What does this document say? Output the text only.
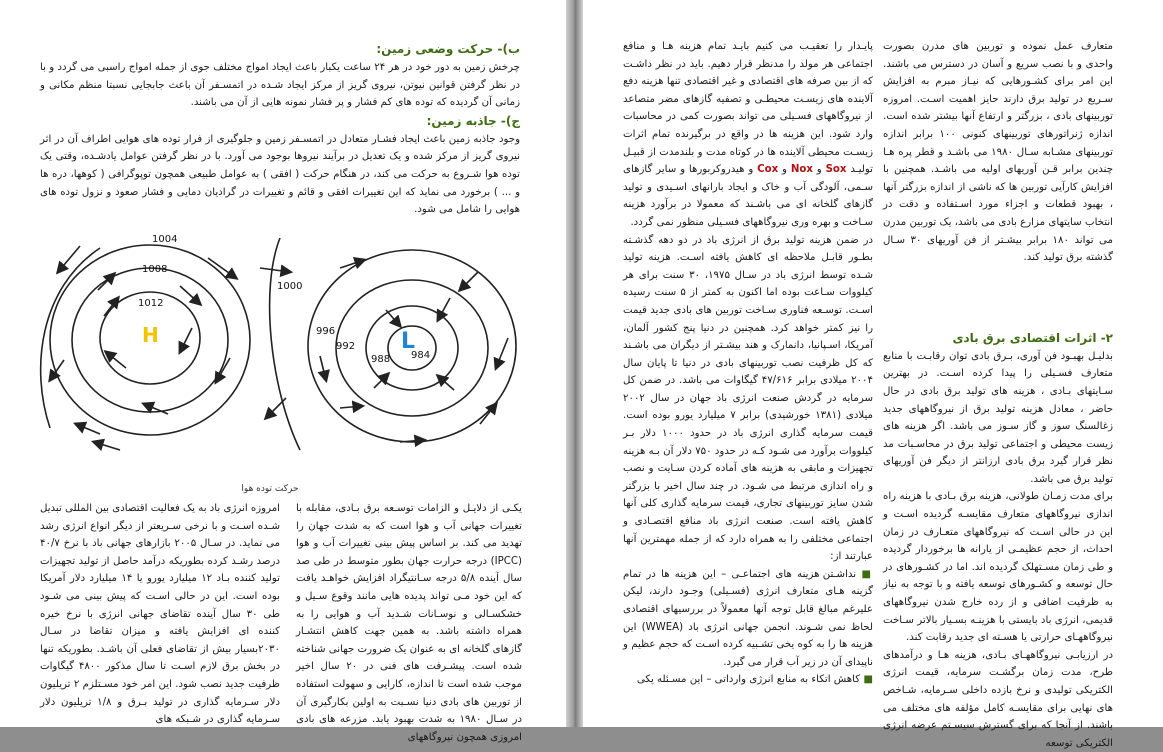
ب)- حرکت وضعی زمین:

چرخش زمین به دور خود در هر ۲۴ ساعت یکبار باعث ایجاد امواج مختلف جوی از جمله امواج راسبی می گردد و با در نظر گرفتن قوانین نیوتن، نیروی گریز از مرکز ایجاد شـده در اتمسـفر آن باعث جابجایی نسبتا منظم مکانی و زمانی آن گردیده که توده های کم فشار و پر فشار نمونه هایی از آن می باشند.

ج)- جاذبه زمین:

وجود جاذبه زمین باعث ایجاد فشـار متعادل در اتمسـفر زمین و جلوگیری از فرار توده های هوایی اطراف آن در اثر نیروی گریز از مرکز شده و یک تعدیل در برآیند نیروها بوجود می آورد. با در نظر گرفتن عوامل یادشـده، وقتی یک توده هوا شـروع به حرکت می کند، در هنگام حرکت ( افقی ) به عوامل طبیعی همچون توپوگرافی ( کوهها، دره ها و ... ) برخورد می نماید که این تغییرات افقی و قائم و تغییرات در گرادیان دمایی و فشار صعود و نزول توده های هوایی را شامل می شود.

1004
1008
1012
1000
996
992
988 984
H	L
حرکت توده هوا

یکـی از دلایـل و الزامات توسـعه برق بـادی، مقابله با تغییرات جهانی آب و هوا است که به شدت جهان را تهدید می کند. بر اساس پیش بینی تغییرات آب و هوا (IPCC) درجه حرارت جهان بطور متوسط در طی صد سال آینده ۵/۸ درجه سـانتیگراد افزایش خواهـد یافت که این خود مـی تواند پدیده هایی مانند وقوع سـیل و خشکسـالی و نوسـانات شـدید آب و هوایی را به همراه داشته باشد. به همین جهت کاهش انتشـار گازهای گلخانه ای به عنوان یک ضرورت جهانی شناخته شده است. پیشـرفت های فنی در ۲۰ سال اخیر موجب شده است تا اندازه، کارایی و سهولت استفاده از توربین های بادی دنیا نسـبت به اولین بکارگیری آن در سـال ۱۹۸۰ به شدت بهبود یابد. مزرعه های بادی امروزی همچون نیروگاههای

امروزه انرژی باد به یک فعالیت اقتصادی بین المللی تبدیل شـده اسـت و با نرخی سـریعتر از دیگر انواع انرژی رشد می نماید. در سـال ۲۰۰۵ بازارهای جهانی باد با نرخ ۴۰/۷ درصد رشـد کرده بطوریکه درآمد حاصل از تولید تجهیزات تولید کننده بـاد ۱۲ میلیارد یورو یا ۱۴ میلیارد دلار آمریکا بوده است. این در حالی اسـت که پیش بینی می شـود طی ۳۰ سال آینده تقاضای جهانی انرژی با نرخ خیره کننده ای افزایش یافته و میزان تقاضا در سـال ۲۰۳۰بسیار بیش از تقاضای فعلی آن باشـد. بطوریکه تنها در بخش برق لازم اسـت تا سال مذکور ۴۸۰۰ گیگاوات ظرفیت جدید نصب شود. این امر خود مسـتلزم ۲ تریلیون دلار سـرمایه گذاری در تولید بـرق و ۱/۸ تریلیون دلار سـرمایه گذاری در شـبکه های

متعارف عمل نموده و توربین های مدرن بصورت واحدی و با نصب سریع و آسان در دسترس می باشند. این امر برای کشـورهایی که نیـاز مبرم به افزایش سـریع در تولید برق دارند حایز اهمیت اسـت. امروزه توربینهای بادی ، بزرگتر و ارتفاع آنها بیشتر شده است. اندازه ژنراتورهای توربینهای کنونی ۱۰۰ برابر اندازه توربینهای مشـابه سـال ۱۹۸۰ می باشـد و قطر پره هـا چندین برابر قـن آوریهای اولیه می باشـد. همچنین با افزایش کارآیی توربین ها که ناشی از اندازه بزرگتر آنها ، بهبود قطعات و اجزاء مورد اسـتفاده و دقت در انتخاب سایتهای مزارع بادی می باشد، یک توربین مدرن می تواند ۱۸۰ برابر بیشـتر از فن آوریهای ۳۰ سـال گذشته برق تولید کند.

۲- اثرات اقتصادی برق بادی

بدلیـل بهبـود فن آوری، بـرق بادی توان رقابـت با منابع متعارف فسـیلی را پیدا کرده اسـت. در بهترین سـایتهای بـادی ، هزینه های تولید برق بادی در حال حاضر ، معادل هزینه تولید برق از نیروگاههای جدید زغالسنگ سوز و گاز سـوز می باشد. اگر هزینه های زیست محیطی و اجتماعی تولید برق در محاسـبات مد نظر قرار گیرد برق بادی ارزانتر از دیگر فن آوریهای تولید برق می باشد.

برای مدت زمـان طولانی، هزینه برق بـادی با هزینه راه اندازی نیروگاههای متعارف مقایسـه گردیده اسـت و این در حالی اسـت که نیروگاههای متعـارف در زمان احداث، از حجم عظیمـی از یارانه ها برخوردار گردیده و طی زمان مسـتهلک گردیده اند. اما در کشـورهای در حال توسعه و کشـورهای توسعه یافته و با توجه به نیاز به ظرفیت اضافی و از رده خارج شدن نیروگاههای قدیمی، انرژی باد بایستی با هزینـه بسـیار بالاتر سـاخت نیروگاههـای حرارتی یا هسـته ای جدید رقابت کند.

در ارزیابـی نیروگاههـای بـادی، هزینه هـا و درآمدهای طرح، مدت زمان برگشـت سرمایه، قیمت انرژی الکتریکی تولیدی و نرخ بازده داخلی سـرمایه، شـاخص های نهایی برای مقایسـه کامل مؤلفه های مختلف می باشند. از آنجا که برای گسترش سیسـتم عرضه انرژی الکتریکی توسعه

پایـدار را تعقیـب می کنیم بایـد تمام هزینه هـا و منافع اجتماعی هر مولد را مدنظر قرار دهیم. باید در نظر داشـت که از بین صرفه های اقتصادی و غیر اقتصادی تنها هزینه دفع آلاینده های زیسـت محیطـی و تصفیه گازهای مضر متصاعد از نیروگاههای فسـیلی می تواند بصورت کمی در محاسبات وارد شود. این هزینه ها در واقع در برگیرنده تمام اثرات زیسـت محیطی آلاینده ها در کوتاه مدت و بلندمدت از قبیـل تولیـد Sox و Nox و Cox و هیدروکربورها و سایر گازهای سـمی، آلودگی آب و خاک و ایجاد بارانهای اسـیدی و تولید گازهای گلخانه ای می باشـند که معمولا در برآورد هزینه سـاخت و بهره وری نیروگاههای فسـیلی منظور نمی گردد.

در ضمن هزینه تولید برق از انرژی باد در دو دهه گذشـته بطـور قابـل ملاحظه ای کاهش یافته اسـت. هزینه تولید شـده توسط انرژی باد در سـال ۱۹۷۵، ۳۰ سنت برای هر کیلووات سـاعت بوده اما اکنون به کمتر از ۵ سنت رسیده اسـت. توسـعه فناوری سـاخت توربین های بادی جدید قیمت را نیز کمتر خواهد کرد. همچنین در دنیا پنج کشور آلمان، آمریکا، اسـپانیا، دانمارک و هند بیشـتر از دیگران می باشـند که کل ظرفیت نصب توربینهای بادی در دنیا تا پایان سال ۲۰۰۴ میلادی برابر ۴۷/۶۱۶ گیگاوات می باشد. در ضمن کل سرمایه در گردش صنعت انرژی باد جهان در سال ۲۰۰۲ میلادی (۱۳۸۱ خورشیدی) برابر ۷ میلیارد یورو بوده است. قیمت سرمایه گذاری انرژی باد در حدود ۱۰۰۰ دلار بـر کیلووات برآورد می شـود کـه در حدود ۷۵۰ دلار آن بـه هزینه تجهیزات و مابقی به هزینه های آماده کردن سـایت و نصب و راه اندازی مرتبط می شـود. در چند سال اخیر با بزرگتر شدن سایز توربینهای تجاری، قیمت سرمایه گذاری کلی آنها کاهش یافته است. صنعت انرژی باد منافع اقتصـادی و اجتماعی مختلفی را به همراه دارد که از جمله مهمترین آنها عبارتند از:

■ نداشـتن هزینه های اجتماعـی – این هزینه ها در تمام گزینه هـای متعارف انرژی (فسـیلی) وجـود دارند، لیکن علیرغم مبالغ قابل توجه آنها معمولاً در بررسیهای اقتصادی لحاظ نمی شـوند. انجمن جهانی انرژی باد (WWEA) این هزینه ها را به کوه یخی تشـبیه کرده اسـت که حجم عظیم و ناپیدای آن در زیر آب قرار می گیرد.

■ کاهش اتکاء به منابع انرژی وارداتی – این مسـئله یکی
